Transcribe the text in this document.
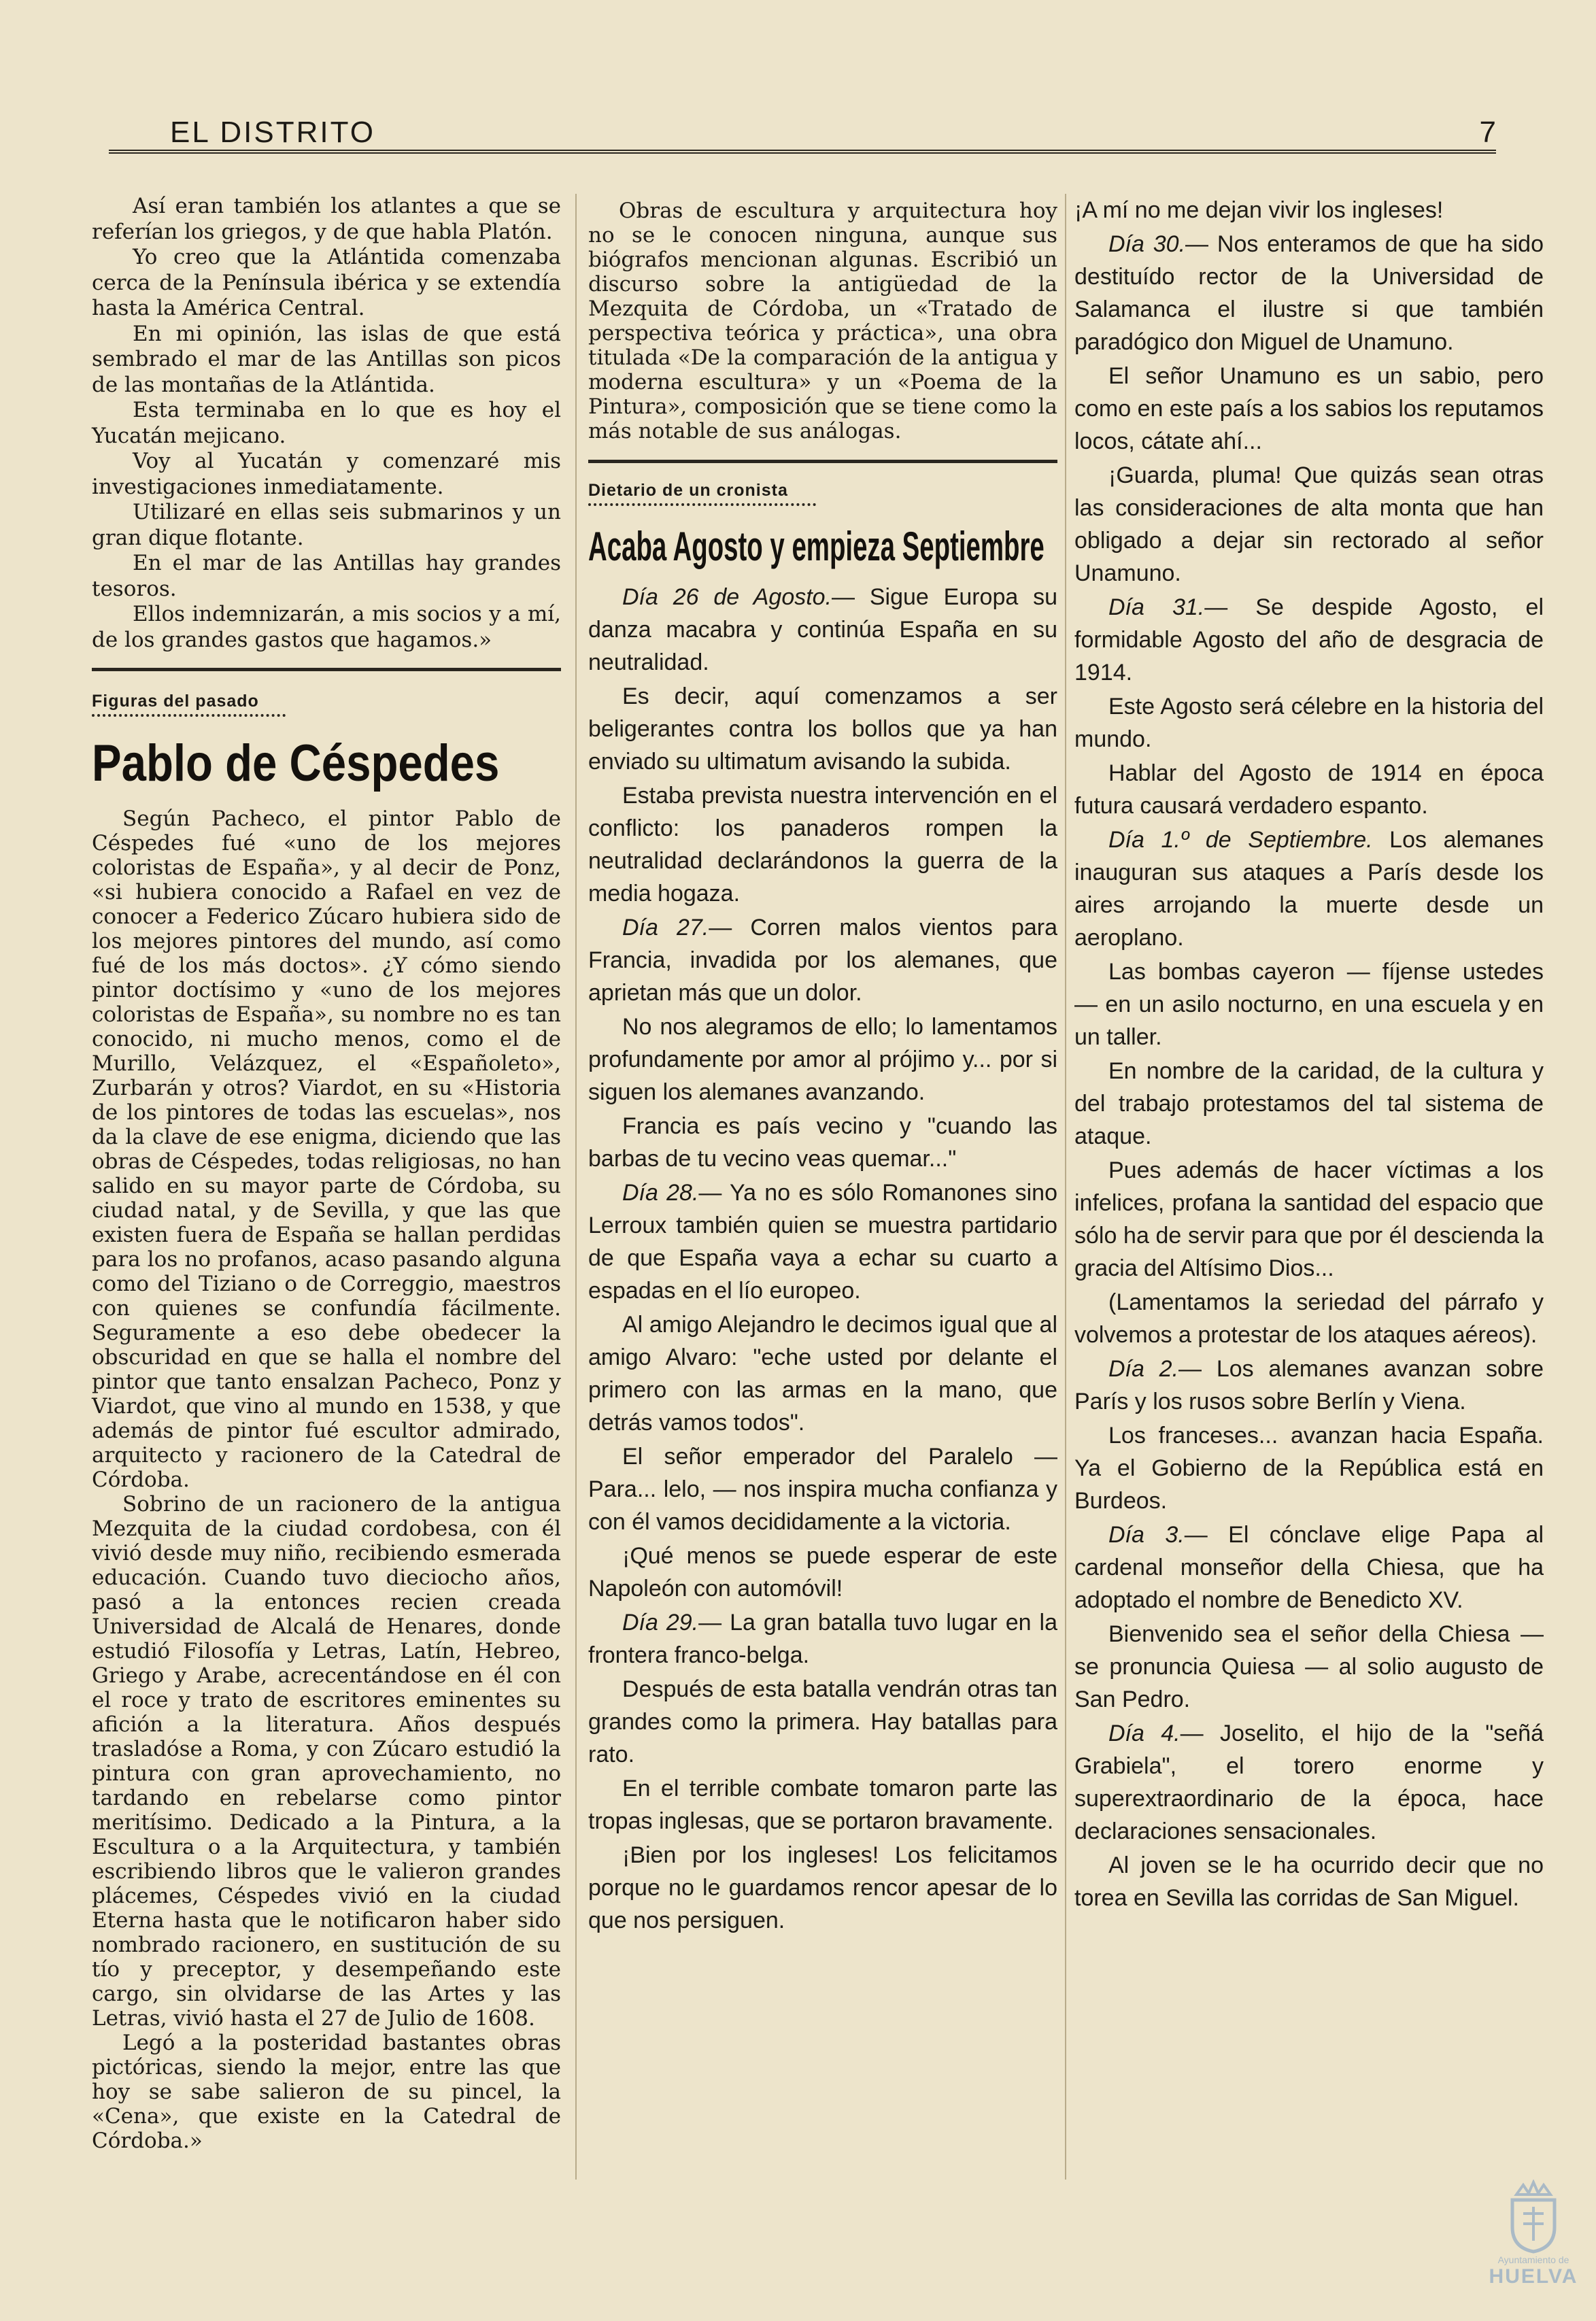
EL DISTRITO	7

Así eran también los atlantes a que se referían los griegos, y de que habla Platón.

Yo creo que la Atlántida comenzaba cerca de la Península ibérica y se extendía hasta la América Central.

En mi opinión, las islas de que está sembrado el mar de las Antillas son picos de las montañas de la Atlántida.

Esta terminaba en lo que es hoy el Yucatán mejicano.

Voy al Yucatán y comenzaré mis investigaciones inmediatamente.

Utilizaré en ellas seis submarinos y un gran dique flotante.

En el mar de las Antillas hay grandes tesoros.

Ellos indemnizarán, a mis socios y a mí, de los grandes gastos que hagamos.»

Figuras del pasado
Pablo de Céspedes

Según Pacheco, el pintor Pablo de Céspedes fué «uno de los mejores coloristas de España», y al decir de Ponz, «si hubiera conocido a Rafael en vez de conocer a Federico Zúcaro hubiera sido de los mejores pintores del mundo, así como fué de los más doctos». ¿Y cómo siendo pintor doctísimo y «uno de los mejores coloristas de España», su nombre no es tan conocido, ni mucho menos, como el de Murillo, Velázquez, el «Españoleto», Zurbarán y otros? Viardot, en su «Historia de los pintores de todas las escuelas», nos da la clave de ese enigma, diciendo que las obras de Céspedes, todas religiosas, no han salido en su mayor parte de Córdoba, su ciudad natal, y de Sevilla, y que las que existen fuera de España se hallan perdidas para los no profanos, acaso pasando alguna como del Tiziano o de Correggio, maestros con quienes se confundía fácilmente. Seguramente a eso debe obedecer la obscuridad en que se halla el nombre del pintor que tanto ensalzan Pacheco, Ponz y Viardot, que vino al mundo en 1538, y que además de pintor fué escultor admirado, arquitecto y racionero de la Catedral de Córdoba.

Sobrino de un racionero de la antigua Mezquita de la ciudad cordobesa, con él vivió desde muy niño, recibiendo esmerada educación. Cuando tuvo dieciocho años, pasó a la entonces recien creada Universidad de Alcalá de Henares, donde estudió Filosofía y Letras, Latín, Hebreo, Griego y Arabe, acrecentándose en él con el roce y trato de escritores eminentes su afición a la literatura. Años después trasladóse a Roma, y con Zúcaro estudió la pintura con gran aprovechamiento, no tardando en rebelarse como pintor meritísimo. Dedicado a la Pintura, a la Escultura o a la Arquitectura, y también escribiendo libros que le valieron grandes plácemes, Céspedes vivió en la ciudad Eterna hasta que le notificaron haber sido nombrado racionero, en sustitución de su tío y preceptor, y desempeñando este cargo, sin olvidarse de las Artes y las Letras, vivió hasta el 27 de Julio de 1608.

Legó a la posteridad bastantes obras pictóricas, siendo la mejor, entre las que hoy se sabe salieron de su pincel, la «Cena», que existe en la Catedral de Córdoba.»

Obras de escultura y arquitectura hoy no se le conocen ninguna, aunque sus biógrafos mencionan algunas. Escribió un discurso sobre la antigüedad de la Mezquita de Córdoba, un «Tratado de perspectiva teórica y práctica», una obra titulada «De la comparación de la antigua y moderna escultura» y un «Poema de la Pintura», composición que se tiene como la más notable de sus análogas.

Dietario de un cronista
Acaba Agosto y empieza Septiembre

Día 26 de Agosto.— Sigue Europa su danza macabra y continúa España en su neutralidad.

Es decir, aquí comenzamos a ser beligerantes contra los bollos que ya han enviado su ultimatum avisando la subida.

Estaba prevista nuestra intervención en el conflicto: los panaderos rompen la neutralidad declarándonos la guerra de la media hogaza.

Día 27.— Corren malos vientos para Francia, invadida por los alemanes, que aprietan más que un dolor.

No nos alegramos de ello; lo lamentamos profundamente por amor al prójimo y... por si siguen los alemanes avanzando.

Francia es país vecino y "cuando las barbas de tu vecino veas quemar..."

Día 28.— Ya no es sólo Romanones sino Lerroux también quien se muestra partidario de que España vaya a echar su cuarto a espadas en el lío europeo.

Al amigo Alejandro le decimos igual que al amigo Alvaro: "eche usted por delante el primero con las armas en la mano, que detrás vamos todos".

El señor emperador del Paralelo — Para... lelo, — nos inspira mucha confianza y con él vamos decididamente a la victoria.

¡Qué menos se puede esperar de este Napoleón con automóvil!

Día 29.— La gran batalla tuvo lugar en la frontera franco-belga.

Después de esta batalla vendrán otras tan grandes como la primera. Hay batallas para rato.

En el terrible combate tomaron parte las tropas inglesas, que se portaron bravamente.

¡Bien por los ingleses! Los felicitamos porque no le guardamos rencor apesar de lo que nos persiguen.

¡A mí no me dejan vivir los ingleses!

Día 30.— Nos enteramos de que ha sido destituído rector de la Universidad de Salamanca el ilustre si que también paradógico don Miguel de Unamuno.

El señor Unamuno es un sabio, pero como en este país a los sabios los reputamos locos, cátate ahí...

¡Guarda, pluma! Que quizás sean otras las consideraciones de alta monta que han obligado a dejar sin rectorado al señor Unamuno.

Día 31.— Se despide Agosto, el formidable Agosto del año de desgracia de 1914.

Este Agosto será célebre en la historia del mundo.

Hablar del Agosto de 1914 en época futura causará verdadero espanto.

Día 1.º de Septiembre. Los alemanes inauguran sus ataques a París desde los aires arrojando la muerte desde un aeroplano.

Las bombas cayeron — fíjense ustedes — en un asilo nocturno, en una escuela y en un taller.

En nombre de la caridad, de la cultura y del trabajo protestamos del tal sistema de ataque.

Pues además de hacer víctimas a los infelices, profana la santidad del espacio que sólo ha de servir para que por él descienda la gracia del Altísimo Dios...

(Lamentamos la seriedad del párrafo y volvemos a protestar de los ataques aéreos).

Día 2.— Los alemanes avanzan sobre París y los rusos sobre Berlín y Viena.

Los franceses... avanzan hacia España. Ya el Gobierno de la República está en Burdeos.

Día 3.— El cónclave elige Papa al cardenal monseñor della Chiesa, que ha adoptado el nombre de Benedicto XV.

Bienvenido sea el señor della Chiesa — se pronuncia Quiesa — al solio augusto de San Pedro.

Día 4.— Joselito, el hijo de la "señá Grabiela", el torero enorme y superextraordinario de la época, hace declaraciones sensacionales.

Al joven se le ha ocurrido decir que no torea en Sevilla las corridas de San Miguel.

Ayuntamiento de
HUELVA
